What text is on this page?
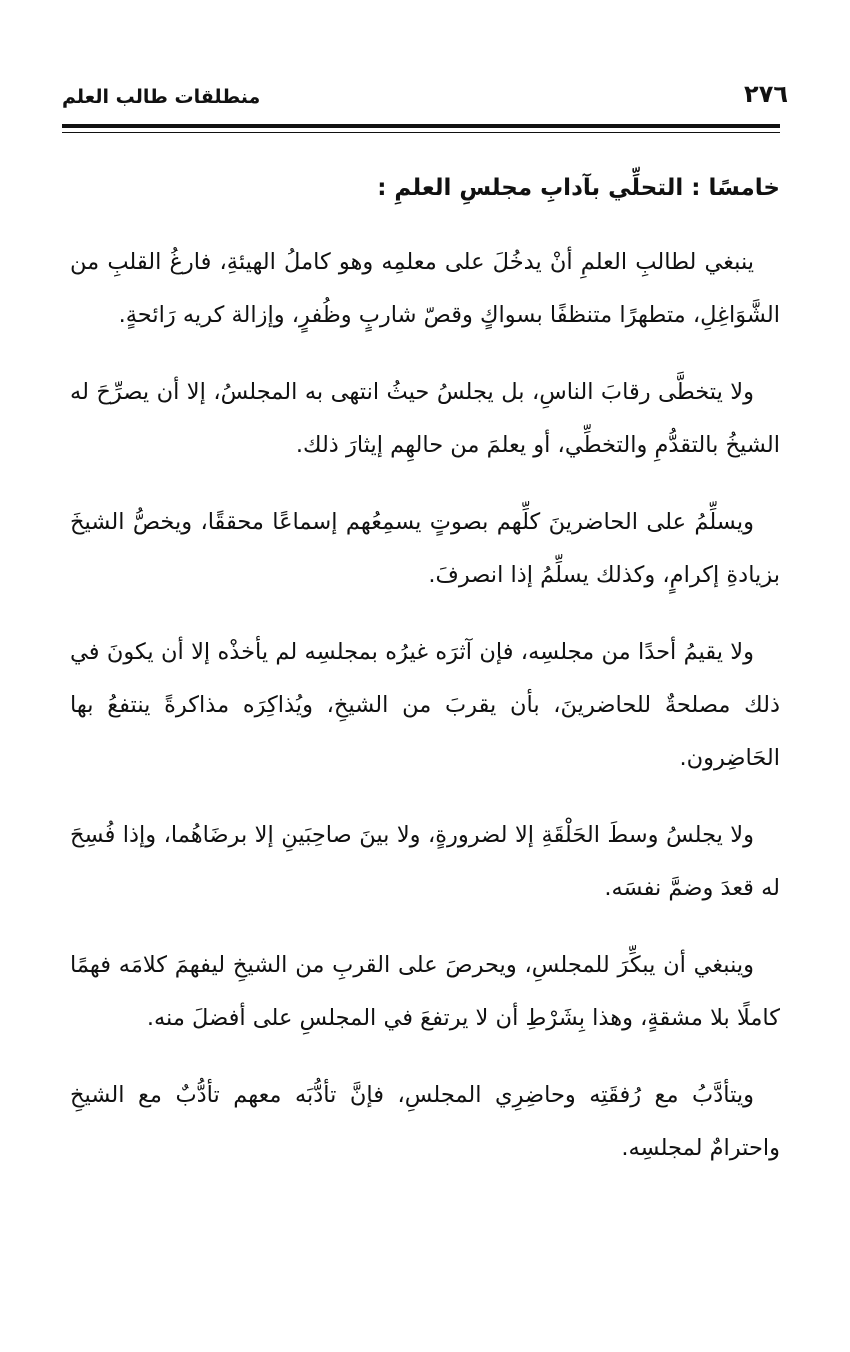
٢٧٦
منطلقات طالب العلم
خامسًا : التحلِّي بآدابِ مجلسِ العلمِ :

ينبغي لطالبِ العلمِ أنْ يدخُلَ على معلمِه وهو كاملُ الهيئةِ، فارغُ القلبِ من الشَّوَاغِلِ، متطهرًا متنظفًا بسواكٍ وقصّ شاربٍ وظُفرٍ، وإزالة كريه رَائحةٍ.

ولا يتخطَّى رقابَ الناسِ، بل يجلسُ حيثُ انتهى به المجلسُ، إلا أن يصرِّحَ له الشيخُ بالتقدُّمِ والتخطِّي، أو يعلمَ من حالهِم إيثارَ ذلك.

ويسلِّمُ على الحاضرينَ كلِّهم بصوتٍ يسمِعُهم إسماعًا محققًا، ويخصُّ الشيخَ بزيادةِ إكرامٍ، وكذلك يسلِّمُ إذا انصرفَ.

ولا يقيمُ أحدًا من مجلسِه، فإن آثرَه غيرُه بمجلسِه لم يأخذْه إلا أن يكونَ في ذلك مصلحةٌ للحاضرينَ، بأن يقربَ من الشيخِ، ويُذاكِرَه مذاكرةً ينتفعُ بها الحَاضِرون.

ولا يجلسُ وسطَ الحَلْقَةِ إلا لضرورةٍ، ولا بينَ صاحِبَينِ إلا برضَاهُما، وإذا فُسِحَ له قعدَ وضمَّ نفسَه.

وينبغي أن يبكِّرَ للمجلسِ، ويحرصَ على القربِ من الشيخِ ليفهمَ كلامَه فهمًا كاملًا بلا مشقةٍ، وهذا بِشَرْطِ أن لا يرتفعَ في المجلسِ على أفضلَ منه.

ويتأدَّبُ مع رُفقَتِه وحاضِرِي المجلسِ، فإنَّ تأدُّبَه معهم تأدُّبٌ مع الشيخِ واحترامٌ لمجلسِه.
